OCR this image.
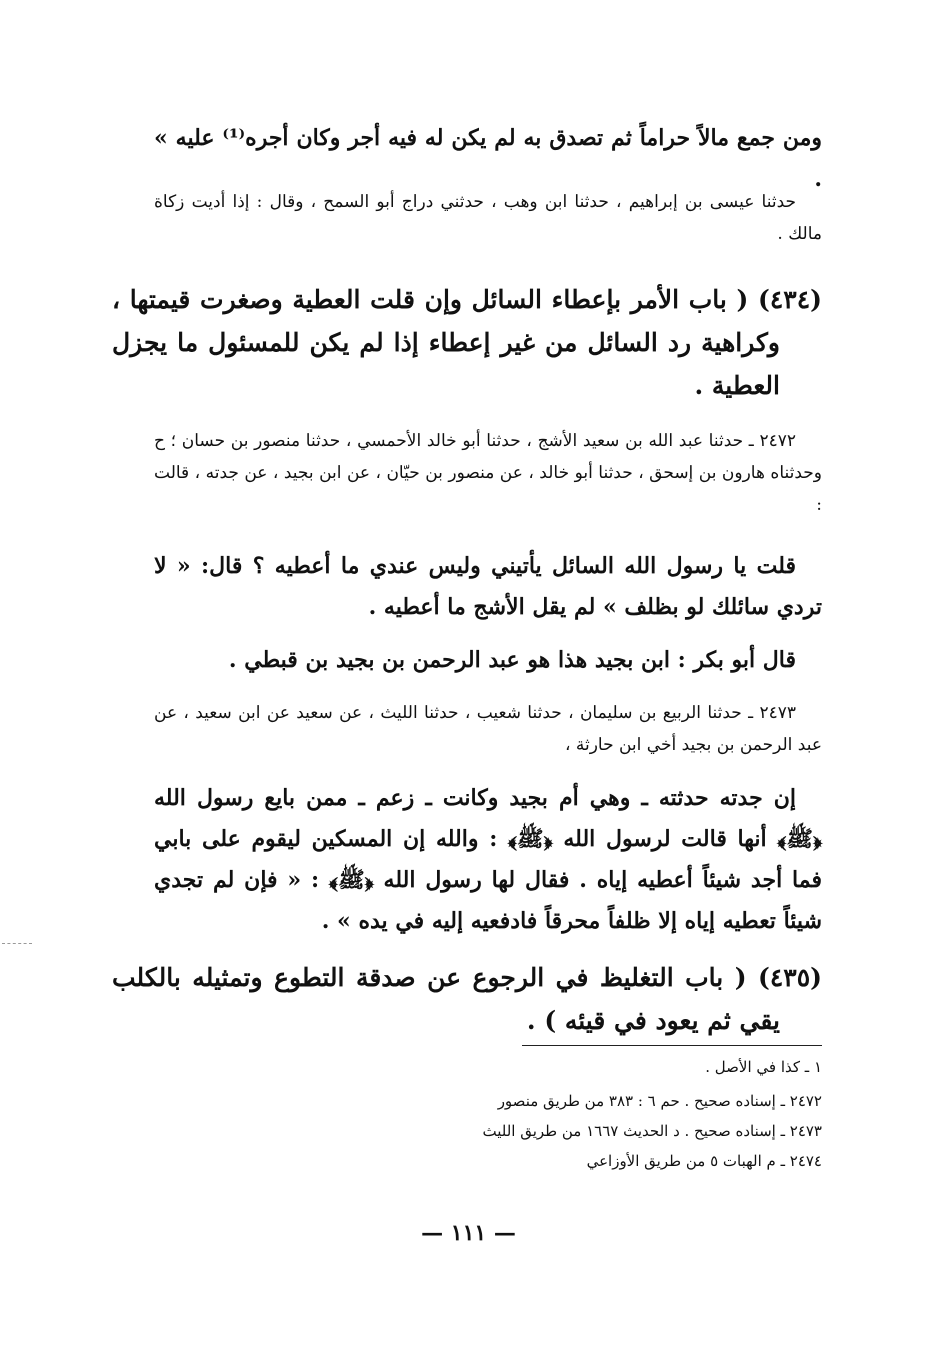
ومن جمع مالاً حراماً ثم تصدق به لم يكن له فيه أجر وكان أجره⁽¹⁾ عليه » .

حدثنا عيسى بن إبراهيم ، حدثنا ابن وهب ، حدثني دراج أبو السمح ، وقال : إذا أديت زكاة مالك .

(٤٣٤) ( باب الأمر بإعطاء السائل وإن قلت العطية وصغرت قيمتها ، وكراهية رد السائل من غير إعطاء إذا لم يكن للمسئول ما يجزل العطية .

٢٤٧٢ ـ حدثنا عبد الله بن سعيد الأشج ، حدثنا أبو خالد الأحمسي ، حدثنا منصور بن حسان ؛ ح وحدثناه هارون بن إسحق ، حدثنا أبو خالد ، عن منصور بن حيّان ، عن ابن بجيد ، عن جدته ، قالت :

قلت يا رسول الله السائل يأتيني وليس عندي ما أعطيه ؟ قال: « لا تردي سائلك لو بظلف » لم يقل الأشج ما أعطيه .

قال أبو بكر : ابن بجيد هذا هو عبد الرحمن بن بجيد بن قبطي .

٢٤٧٣ ـ حدثنا الربيع بن سليمان ، حدثنا شعيب ، حدثنا الليث ، عن سعيد عن ابن سعيد ، عن عبد الرحمن بن بجيد أخي ابن حارثة ،

إن جدته حدثته ـ وهي أم بجيد وكانت ـ زعم ـ ممن بايع رسول الله ﴿ﷺ﴾ أنها قالت لرسول الله ﴿ﷺ﴾ : والله إن المسكين ليقوم على بابي فما أجد شيئاً أعطيه إياه . فقال لها رسول الله ﴿ﷺ﴾ : « فإن لم تجدي شيئاً تعطيه إياه إلا ظلفاً محرقاً فادفعيه إليه في يده » .

(٤٣٥) ( باب التغليظ في الرجوع عن صدقة التطوع وتمثيله بالكلب يقي ثم يعود في قيئه ) .
١ ـ كذا في الأصل .
٢٤٧٢ ـ إسناده صحيح . حم ٦ : ٣٨٣ من طريق منصور
٢٤٧٣ ـ إسناده صحيح . د الحديث ١٦٦٧ من طريق الليث
٢٤٧٤ ـ م الهبات ٥ من طريق الأوزاعي
— ١١١ —
